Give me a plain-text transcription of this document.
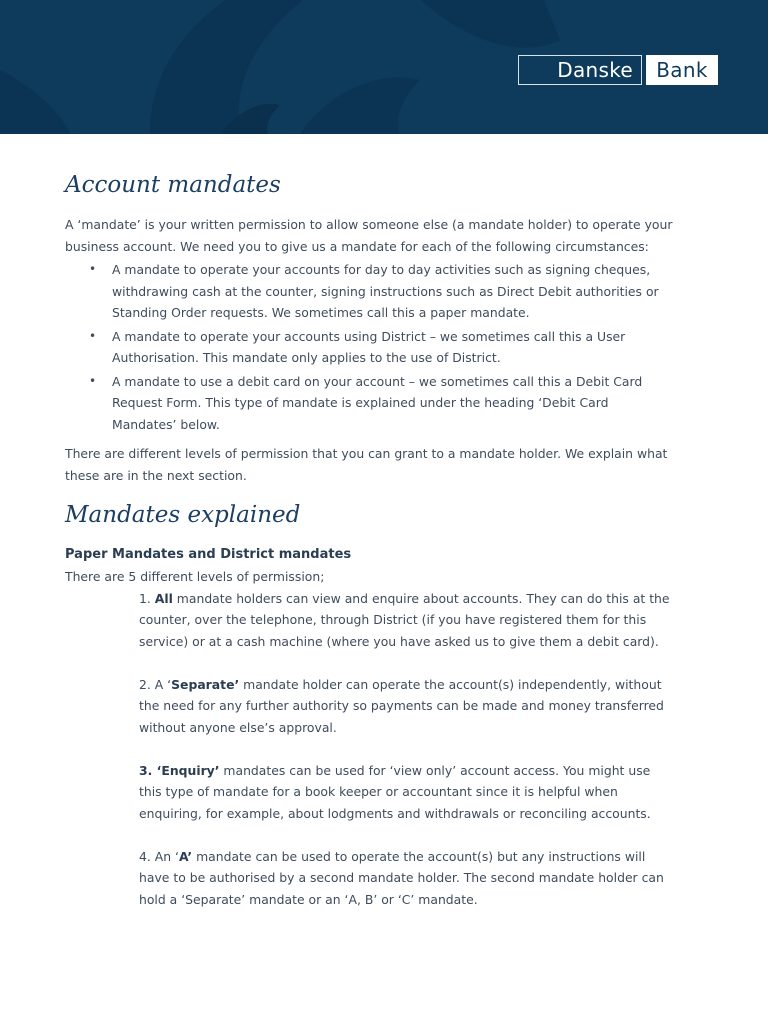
Danske	Bank
Account mandates

A ‘mandate’ is your written permission to allow someone else (a mandate holder) to operate your business account. We need you to give us a mandate for each of the following circumstances:

• A mandate to operate your accounts for day to day activities such as signing cheques, withdrawing cash at the counter, signing instructions such as Direct Debit authorities or Standing Order requests. We sometimes call this a paper mandate.
• A mandate to operate your accounts using District – we sometimes call this a User Authorisation. This mandate only applies to the use of District.
• A mandate to use a debit card on your account – we sometimes call this a Debit Card Request Form. This type of mandate is explained under the heading ‘Debit Card Mandates’ below.

There are different levels of permission that you can grant to a mandate holder. We explain what these are in the next section.

Mandates explained
Paper Mandates and District mandates

There are 5 different levels of permission;

1. All mandate holders can view and enquire about accounts. They can do this at the counter, over the telephone, through District (if you have registered them for this service) or at a cash machine (where you have asked us to give them a debit card).

2. A ‘Separate’ mandate holder can operate the account(s) independently, without the need for any further authority so payments can be made and money transferred without anyone else’s approval.

3. ‘Enquiry’ mandates can be used for ‘view only’ account access. You might use this type of mandate for a book keeper or accountant since it is helpful when enquiring, for example, about lodgments and withdrawals or reconciling accounts.

4. An ‘A’ mandate can be used to operate the account(s) but any instructions will have to be authorised by a second mandate holder. The second mandate holder can hold a ‘Separate’ mandate or an ‘A, B’ or ‘C’ mandate.
